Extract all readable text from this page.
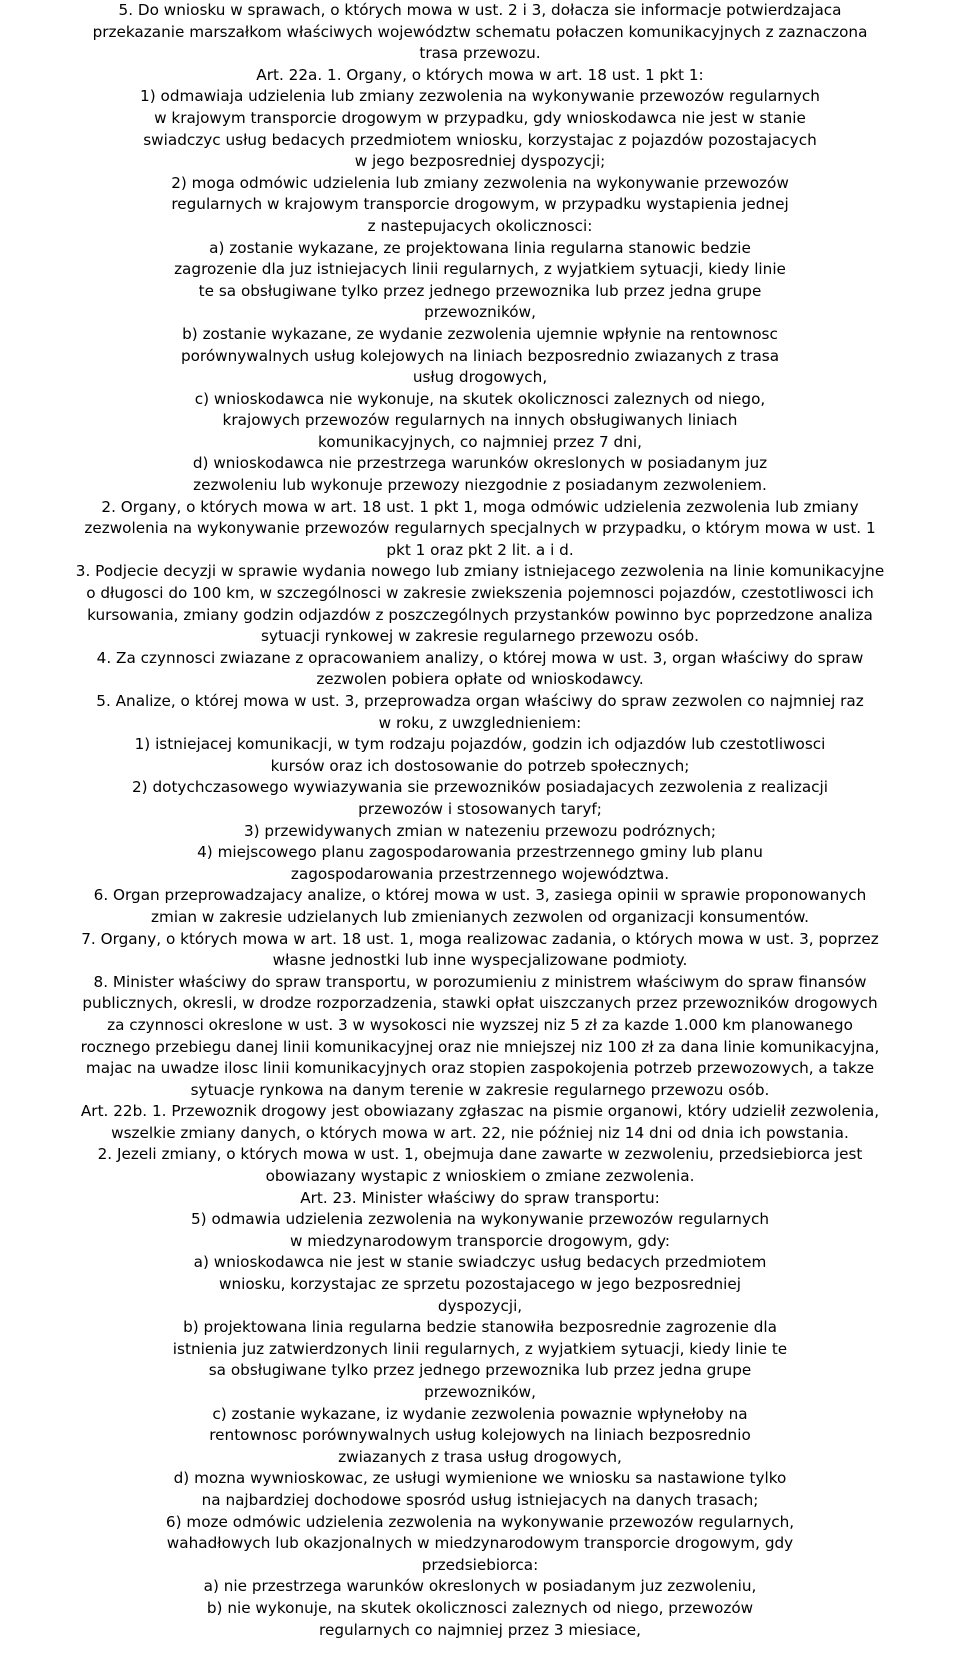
5. Do wniosku w sprawach, o których mowa w ust. 2 i 3, dołacza sie informacje potwierdzajaca
przekazanie marszałkom właściwych województw schematu połaczen komunikacyjnych z zaznaczona
trasa przewozu.

Art. 22a. 1. Organy, o których mowa w art. 18 ust. 1 pkt 1:

1) odmawiaja udzielenia lub zmiany zezwolenia na wykonywanie przewozów regularnych
w krajowym transporcie drogowym w przypadku, gdy wnioskodawca nie jest w stanie
swiadczyc usług bedacych przedmiotem wniosku, korzystajac z pojazdów pozostajacych
w jego bezposredniej dyspozycji;

2) moga odmówic udzielenia lub zmiany zezwolenia na wykonywanie przewozów
regularnych w krajowym transporcie drogowym, w przypadku wystapienia jednej
z nastepujacych okolicznosci:

a) zostanie wykazane, ze projektowana linia regularna stanowic bedzie
zagrozenie dla juz istniejacych linii regularnych, z wyjatkiem sytuacji, kiedy linie
te sa obsługiwane tylko przez jednego przewoznika lub przez jedna grupe
przewozników,

b) zostanie wykazane, ze wydanie zezwolenia ujemnie wpłynie na rentownosc
porównywalnych usług kolejowych na liniach bezposrednio zwiazanych z trasa
usług drogowych,

c) wnioskodawca nie wykonuje, na skutek okolicznosci zaleznych od niego,
krajowych przewozów regularnych na innych obsługiwanych liniach
komunikacyjnych, co najmniej przez 7 dni,

d) wnioskodawca nie przestrzega warunków okreslonych w posiadanym juz
zezwoleniu lub wykonuje przewozy niezgodnie z posiadanym zezwoleniem.

2. Organy, o których mowa w art. 18 ust. 1 pkt 1, moga odmówic udzielenia zezwolenia lub zmiany
zezwolenia na wykonywanie przewozów regularnych specjalnych w przypadku, o którym mowa w ust. 1
pkt 1 oraz pkt 2 lit. a i d.

3. Podjecie decyzji w sprawie wydania nowego lub zmiany istniejacego zezwolenia na linie komunikacyjne
o długosci do 100 km, w szczególnosci w zakresie zwiekszenia pojemnosci pojazdów, czestotliwosci ich
kursowania, zmiany godzin odjazdów z poszczególnych przystanków powinno byc poprzedzone analiza
sytuacji rynkowej w zakresie regularnego przewozu osób.

4. Za czynnosci zwiazane z opracowaniem analizy, o której mowa w ust. 3, organ właściwy do spraw
zezwolen pobiera opłate od wnioskodawcy.

5. Analize, o której mowa w ust. 3, przeprowadza organ właściwy do spraw zezwolen co najmniej raz
w roku, z uwzglednieniem:

1) istniejacej komunikacji, w tym rodzaju pojazdów, godzin ich odjazdów lub czestotliwosci
kursów oraz ich dostosowanie do potrzeb społecznych;

2) dotychczasowego wywiazywania sie przewozników posiadajacych zezwolenia z realizacji
przewozów i stosowanych taryf;

3) przewidywanych zmian w natezeniu przewozu podróznych;

4) miejscowego planu zagospodarowania przestrzennego gminy lub planu
zagospodarowania przestrzennego województwa.

6. Organ przeprowadzajacy analize, o której mowa w ust. 3, zasiega opinii w sprawie proponowanych
zmian w zakresie udzielanych lub zmienianych zezwolen od organizacji konsumentów.

7. Organy, o których mowa w art. 18 ust. 1, moga realizowac zadania, o których mowa w ust. 3, poprzez
własne jednostki lub inne wyspecjalizowane podmioty.

8. Minister właściwy do spraw transportu, w porozumieniu z ministrem właściwym do spraw finansów
publicznych, okresli, w drodze rozporzadzenia, stawki opłat uiszczanych przez przewozników drogowych
za czynnosci okreslone w ust. 3 w wysokosci nie wyzszej niz 5 zł za kazde 1.000 km planowanego
rocznego przebiegu danej linii komunikacyjnej oraz nie mniejszej niz 100 zł za dana linie komunikacyjna,
majac na uwadze ilosc linii komunikacyjnych oraz stopien zaspokojenia potrzeb przewozowych, a takze
sytuacje rynkowa na danym terenie w zakresie regularnego przewozu osób.

Art. 22b. 1. Przewoznik drogowy jest obowiazany zgłaszac na pismie organowi, który udzielił zezwolenia,
wszelkie zmiany danych, o których mowa w art. 22, nie później niz 14 dni od dnia ich powstania.

2. Jezeli zmiany, o których mowa w ust. 1, obejmuja dane zawarte w zezwoleniu, przedsiebiorca jest
obowiazany wystapic z wnioskiem o zmiane zezwolenia.

Art. 23. Minister właściwy do spraw transportu:

5) odmawia udzielenia zezwolenia na wykonywanie przewozów regularnych
w miedzynarodowym transporcie drogowym, gdy:

a) wnioskodawca nie jest w stanie swiadczyc usług bedacych przedmiotem
wniosku, korzystajac ze sprzetu pozostajacego w jego bezposredniej
dyspozycji,

b) projektowana linia regularna bedzie stanowiła bezposrednie zagrozenie dla
istnienia juz zatwierdzonych linii regularnych, z wyjatkiem sytuacji, kiedy linie te
sa obsługiwane tylko przez jednego przewoznika lub przez jedna grupe
przewozników,

c) zostanie wykazane, iz wydanie zezwolenia powaznie wpłynełoby na
rentownosc porównywalnych usług kolejowych na liniach bezposrednio
zwiazanych z trasa usług drogowych,

d) mozna wywnioskowac, ze usługi wymienione we wniosku sa nastawione tylko
na najbardziej dochodowe sposród usług istniejacych na danych trasach;

6) moze odmówic udzielenia zezwolenia na wykonywanie przewozów regularnych,
wahadłowych lub okazjonalnych w miedzynarodowym transporcie drogowym, gdy
przedsiebiorca:

a) nie przestrzega warunków okreslonych w posiadanym juz zezwoleniu,

b) nie wykonuje, na skutek okolicznosci zaleznych od niego, przewozów
regularnych co najmniej przez 3 miesiace,
